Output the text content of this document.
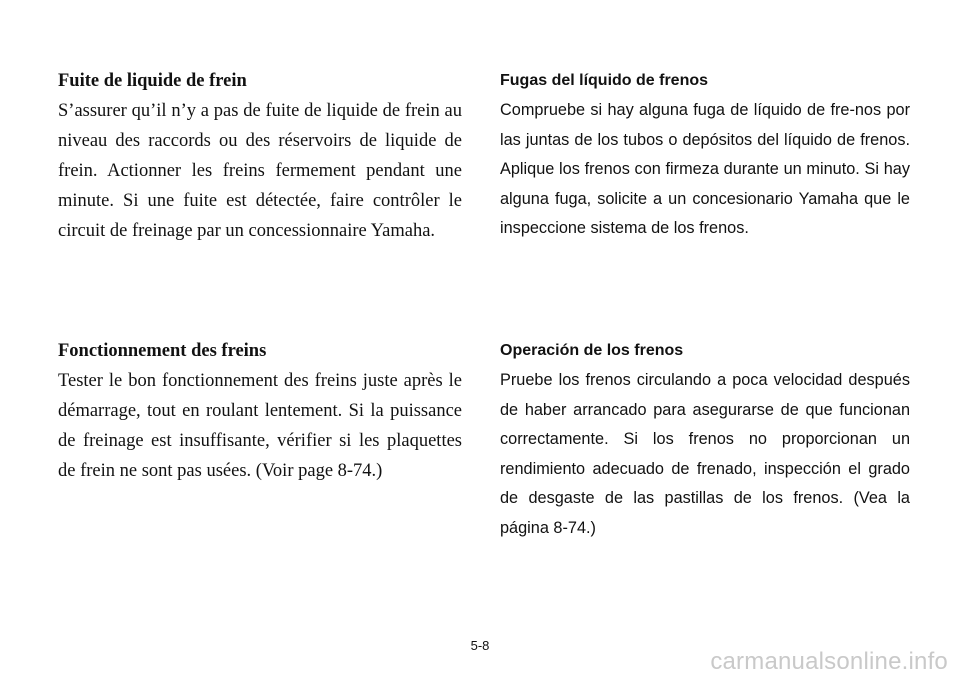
Fuite de liquide de frein

S’assurer qu’il n’y a pas de fuite de liquide de frein au niveau des raccords ou des réservoirs de liquide de frein. Actionner les freins fermement pendant une minute. Si une fuite est détectée, faire contrôler le circuit de freinage par un concessionnaire Yamaha.

Fonctionnement des freins

Tester le bon fonctionnement des freins juste après le démarrage, tout en roulant lentement. Si la puissance de freinage est insuffisante, vérifier si les plaquettes de frein ne sont pas usées. (Voir page 8-74.)

Fugas del líquido de frenos

Compruebe si hay alguna fuga de líquido de fre-nos por las juntas de los tubos o depósitos del líquido de frenos. Aplique los frenos con firmeza durante un minuto. Si hay alguna fuga, solicite a un concesionario Yamaha que le inspeccione sistema de los frenos.

Operación de los frenos

Pruebe los frenos circulando a poca velocidad después de haber arrancado para asegurarse de que funcionan correctamente. Si los frenos no proporcionan un rendimiento adecuado de frenado, inspección el grado de desgaste de las pastillas de los frenos. (Vea la página 8-74.)

5-8
carmanualsonline.info
